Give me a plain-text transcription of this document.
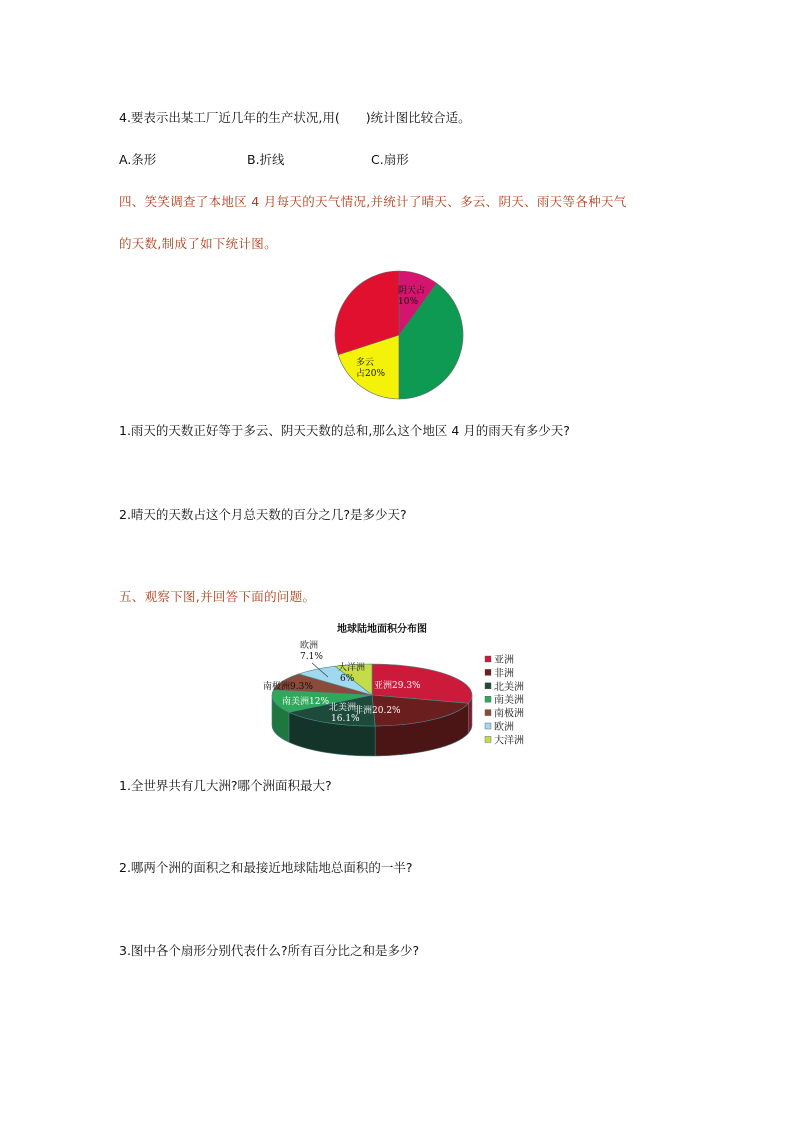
4.要表示出某工厂近几年的生产状况,用( )统计图比较合适。
A.条形	B.折线	C.扇形
四、笑笑调查了本地区 4 月每天的天气情况,并统计了晴天、多云、阴天、雨天等各种天气
的天数,制成了如下统计图。
阴天占
10%
多云
占20%
1.雨天的天数正好等于多云、阴天天数的总和,那么这个地区 4 月的雨天有多少天?
2.晴天的天数占这个月总天数的百分之几?是多少天?
五、观察下图,并回答下面的问题。
地球陆地面积分布图
亚洲29.3%
非洲20.2%
北美洲
16.1%
南美洲12%
南极洲9.3%
欧洲
7.1%
大洋洲
6%
亚洲
非洲
北美洲
南美洲
南极洲
欧洲
大洋洲
1.全世界共有几大洲?哪个洲面积最大?
2.哪两个洲的面积之和最接近地球陆地总面积的一半?
3.图中各个扇形分别代表什么?所有百分比之和是多少?
